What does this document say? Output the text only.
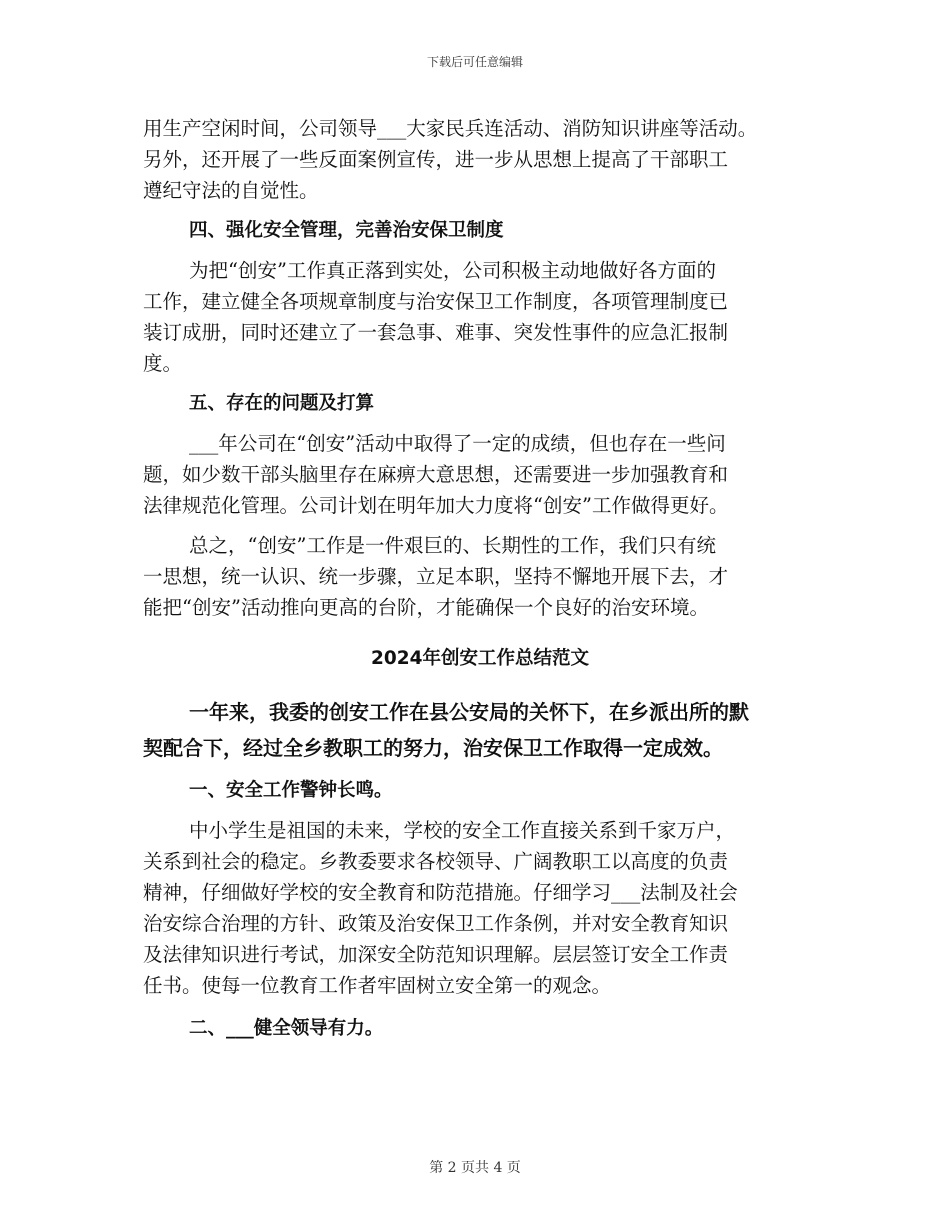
下载后可任意编辑
用生产空闲时间，公司领导___大家民兵连活动、消防知识讲座等活动。
另外，还开展了一些反面案例宣传，进一步从思想上提高了干部职工
遵纪守法的自觉性。
四、强化安全管理，完善治安保卫制度
为把“创安”工作真正落到实处，公司积极主动地做好各方面的
工作，建立健全各项规章制度与治安保卫工作制度，各项管理制度已
装订成册，同时还建立了一套急事、难事、突发性事件的应急汇报制
度。
五、存在的问题及打算
___年公司在“创安”活动中取得了一定的成绩，但也存在一些问
题，如少数干部头脑里存在麻痹大意思想，还需要进一步加强教育和
法律规范化管理。公司计划在明年加大力度将“创安”工作做得更好。
总之，“创安”工作是一件艰巨的、长期性的工作，我们只有统
一思想，统一认识、统一步骤，立足本职，坚持不懈地开展下去，才
能把“创安”活动推向更高的台阶，才能确保一个良好的治安环境。
2024年创安工作总结范文
一年来，我委的创安工作在县公安局的关怀下，在乡派出所的默
契配合下，经过全乡教职工的努力，治安保卫工作取得一定成效。
一、安全工作警钟长鸣。
中小学生是祖国的未来，学校的安全工作直接关系到千家万户，
关系到社会的稳定。乡教委要求各校领导、广阔教职工以高度的负责
精神，仔细做好学校的安全教育和防范措施。仔细学习___法制及社会
治安综合治理的方针、政策及治安保卫工作条例，并对安全教育知识
及法律知识进行考试，加深安全防范知识理解。层层签订安全工作责
任书。使每一位教育工作者牢固树立安全第一的观念。
二、___健全领导有力。
第 2 页共 4 页
